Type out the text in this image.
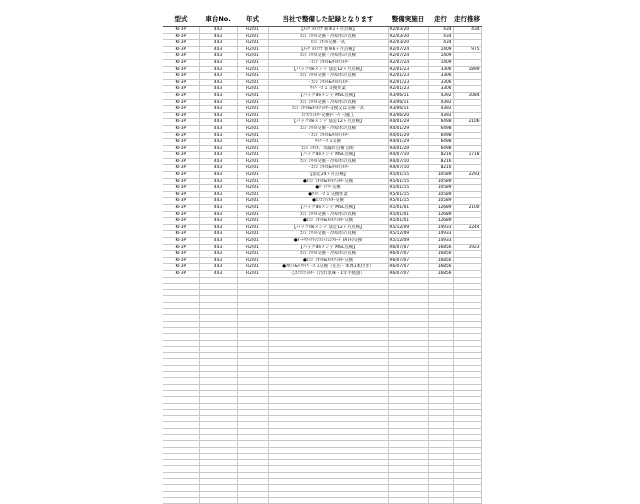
型式	車台No.	年式	当社で整備した記録となります	整備実施日	走行	走行推移
KF3P	443	R2/01	【ﾒｯｸﾞﾙﾒﾝﾃﾅ 新車1ヶ月点検】	R2/03/20	434	434
KF3P	443	R2/01	ｴﾝｼﾞﾝｵｲﾙ交換・冷却水の点検	R2/03/20	434	
KF3P	443	R2/01	ｴﾝｼﾞﾝｵｲﾙ交換一式	R2/03/20	434	
KF3P	443	R2/01	【ﾒｯｸﾞﾙﾒﾝﾃﾅ 新車6ヶ月点検】	R2/07/24	1409	975
KF3P	443	R2/01	ｴﾝｼﾞﾝｵｲﾙ交換・冷却水の点検	R2/07/24	1409	
KF3P	443	R2/01	・ｴﾝｼﾞﾝｵｲﾙ&ｵｲﾙﾌｨﾙﾀｰ	R2/07/24	1409	
KF3P	443	R2/01	【パックdeメンテ 法定12ヶ月点検】	R2/01/23	3306	1899
KF3P	443	R2/01	ｴﾝｼﾞﾝｵｲﾙ交換・冷却水の点検	R2/01/23	3306	
KF3P	443	R2/01	・ｴﾝｼﾞﾝｵｲﾙ&ｵｲﾙﾌｨﾙﾀｰ	R2/01/23	3306	
KF3P	443	R2/01	ﾜｲﾊﾟｰｺﾞﾑ 交換作業	R2/01/23	3306	
KF3P	443	R2/01	【パックdeメンテ MSC点検】	R3/06/11	4392	1084
KF3P	443	R2/01	ｴﾝｼﾞﾝｵｲﾙ交換・冷却水の点検	R3/06/11	4392	
KF3P	443	R2/01	ｴﾝｼﾞﾝｵｲﾙ&ｵｲﾙﾌｨﾙﾀｰ交換又は交換一式	R3/06/11	4392	
KF3P	443	R2/01	ｴｱｺﾝﾌｨﾙﾀｰ交換(ﾍﾟｰﾊﾟｰ)施工	R3/06/20	4392	
KF3P	443	R2/01	【パックdeメンテ 法定12ヶ月点検】	R4/01/29	6498	2106
KF3P	443	R2/01	ｴﾝｼﾞﾝｵｲﾙ交換・冷却水の点検	R4/01/29	6498	
KF3P	443	R2/01	・ｴﾝｼﾞﾝｵｲﾙ&ｵｲﾙﾌｨﾙﾀｰ	R4/01/29	6498	
KF3P	443	R2/01	ﾜｲﾊﾟｰｺﾞﾑ交換	R4/01/29	6498	
KF3P	443	R2/01	ｴﾝｼﾞﾝｵｲﾙ、水漏れ点検 良好	R4/01/29	6498	
KF3P	443	R2/01	【パックdeメンテ MSC点検】	R4/07/10	8216	1718
KF3P	443	R2/01	ｴﾝｼﾞﾝｵｲﾙ交換・冷却水の点検	R4/07/10	8216	
KF3P	443	R2/01	・ｴﾝｼﾞﾝｵｲﾙ&ｵｲﾙﾌｨﾙﾀｰ	R4/07/10	8216	
KF3P	443	R2/01	【法定24ヶ月点検】	R5/01/15	10589	2293
KF3P	443	R2/01	●ｴﾝｼﾞﾝｵｲﾙ&ｵｲﾙﾌｨﾙﾀｰ交換	R5/01/15	10589	
KF3P	443	R2/01	●ﾊﾞｯﾃﾘｰ交換	R5/01/15	10589	
KF3P	443	R2/01	●ﾜｲﾊﾟｰｺﾞﾑ 交換作業	R5/01/15	10589	
KF3P	443	R2/01	●ｴｱｺﾝﾌｨﾙﾀｰ交換	R5/01/15	10589	
KF3P	443	R2/01	【パックdeメンテ MSC点検】	R5/01/01	12689	2100
KF3P	443	R2/01	ｴﾝｼﾞﾝｵｲﾙ交換・冷却水の点検	R5/01/01	12689	
KF3P	443	R2/01	●ｴﾝｼﾞﾝｵｲﾙ&ｵｲﾙﾌｨﾙﾀｰ交換	R5/01/01	12689	
KF3P	443	R2/01	【パックdeメンテ 法定12ヶ月点検】	R5/12/09	14933	2244
KF3P	443	R2/01	ｴﾝｼﾞﾝｵｲﾙ交換・冷却水の点検	R5/12/09	14933	
KF3P	443	R2/01	●ｵｰﾄﾏﾁｯｸﾄﾗﾝｽﾐｯｼｮﾝﾌﾙｰﾄﾞ(ATF)交換	R5/12/09	14933	
KF3P	443	R2/01	【パックdeメンテ MSC点検】	R6/07/07	16856	1923
KF3P	443	R2/01	ｴﾝｼﾞﾝｵｲﾙ交換・冷却水の点検	R6/07/07	16856	
KF3P	443	R2/01	●ｴﾝｼﾞﾝｵｲﾙ&ｵｲﾙﾌｨﾙﾀｰ交換	R6/07/07	16856	
KF3P	443	R2/01	●ﾌﾛﾝﾄ&ﾘｱﾜｲﾊﾟｰｺﾞﾑ交換（左右・本体1本付き）	R6/07/07	16856	
KF3P	443	R2/01	○ｴｱｺﾝﾌｨﾙﾀｰ（汚れ気味・1年半経過）	R6/07/07	16856	
